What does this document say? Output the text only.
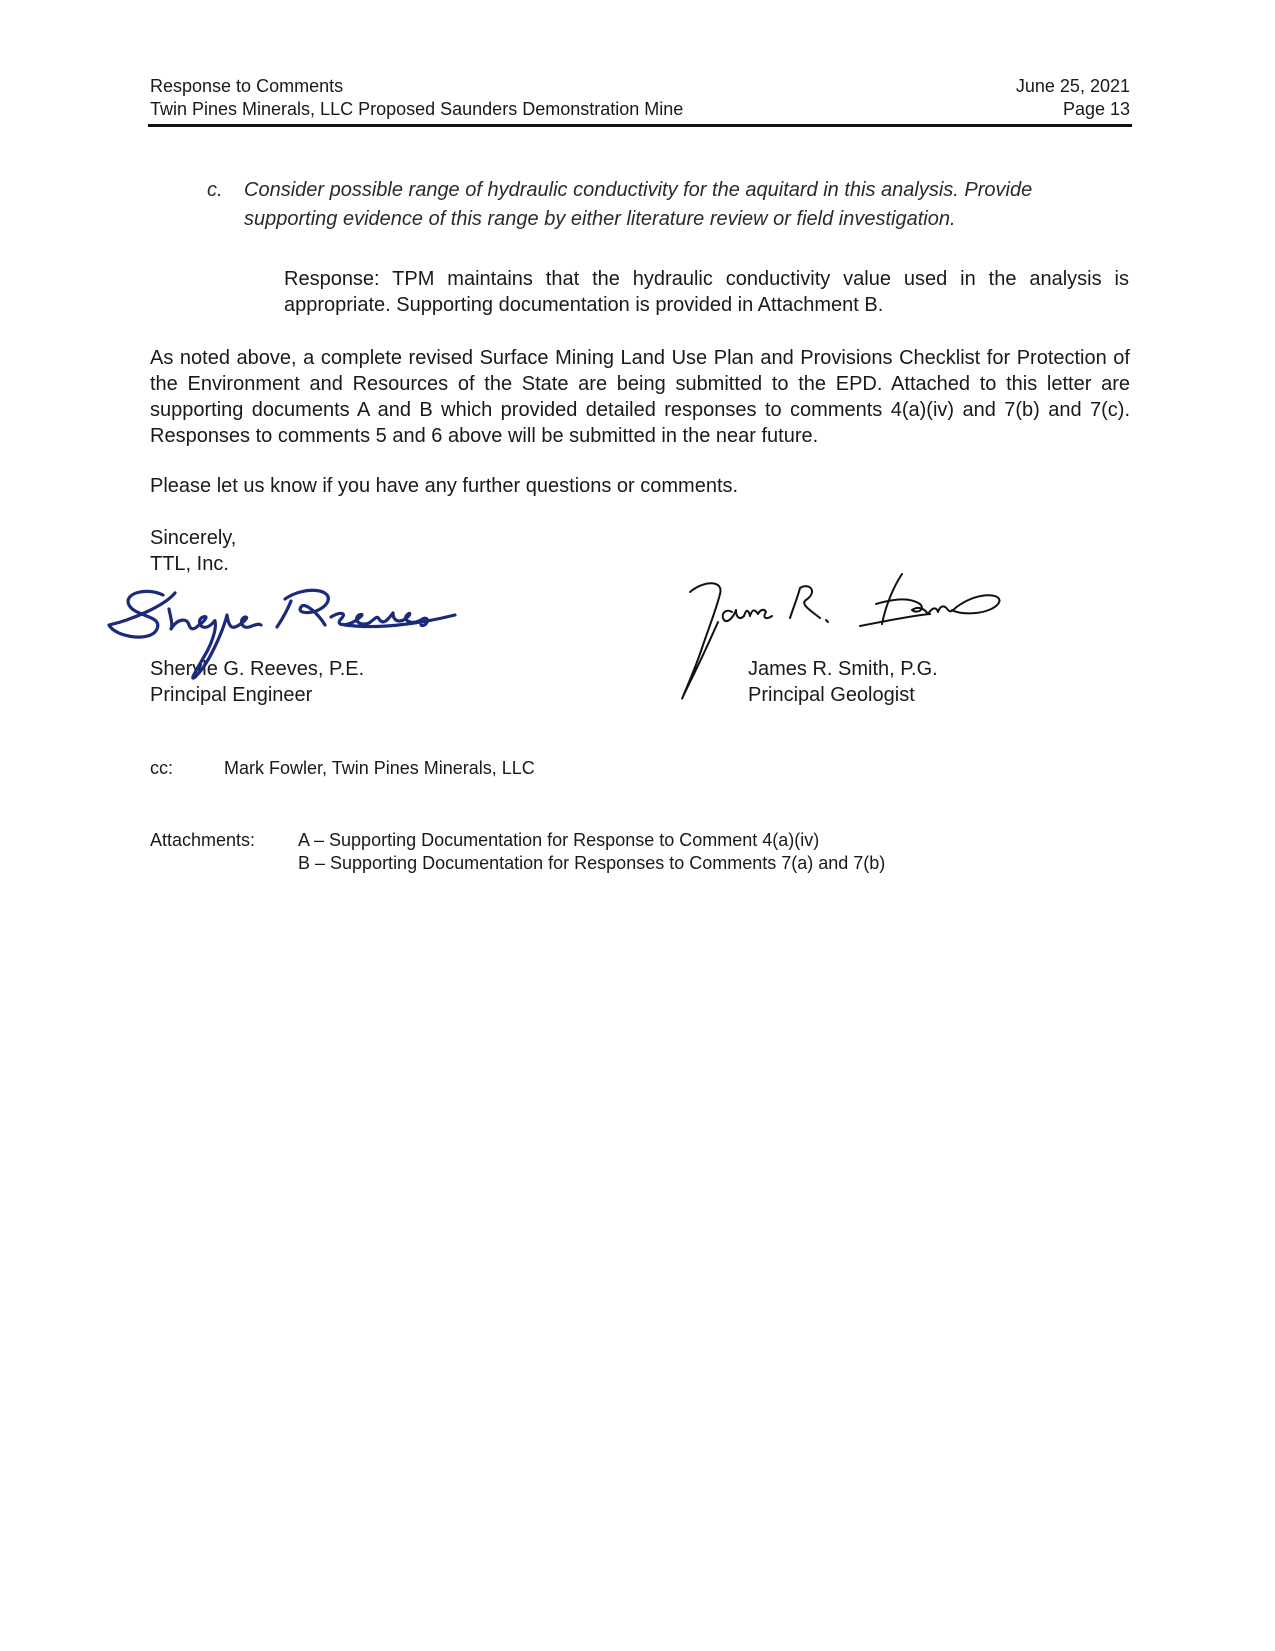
Response to Comments	June 25, 2021
Twin Pines Minerals, LLC Proposed Saunders Demonstration Mine	Page 13
c. Consider possible range of hydraulic conductivity for the aquitard in this analysis. Provide supporting evidence of this range by either literature review or field investigation.
Response: TPM maintains that the hydraulic conductivity value used in the analysis is appropriate. Supporting documentation is provided in Attachment B.
As noted above, a complete revised Surface Mining Land Use Plan and Provisions Checklist for Protection of the Environment and Resources of the State are being submitted to the EPD. Attached to this letter are supporting documents A and B which provided detailed responses to comments 4(a)(iv) and 7(b) and 7(c). Responses to comments 5 and 6 above will be submitted in the near future.
Please let us know if you have any further questions or comments.
Sincerely,
TTL, Inc.
Sheryle G. Reeves, P.E.
Principal Engineer
James R. Smith, P.G.
Principal Geologist
cc:	Mark Fowler, Twin Pines Minerals, LLC
Attachments: A – Supporting Documentation for Response to Comment 4(a)(iv)
B – Supporting Documentation for Responses to Comments 7(a) and 7(b)
